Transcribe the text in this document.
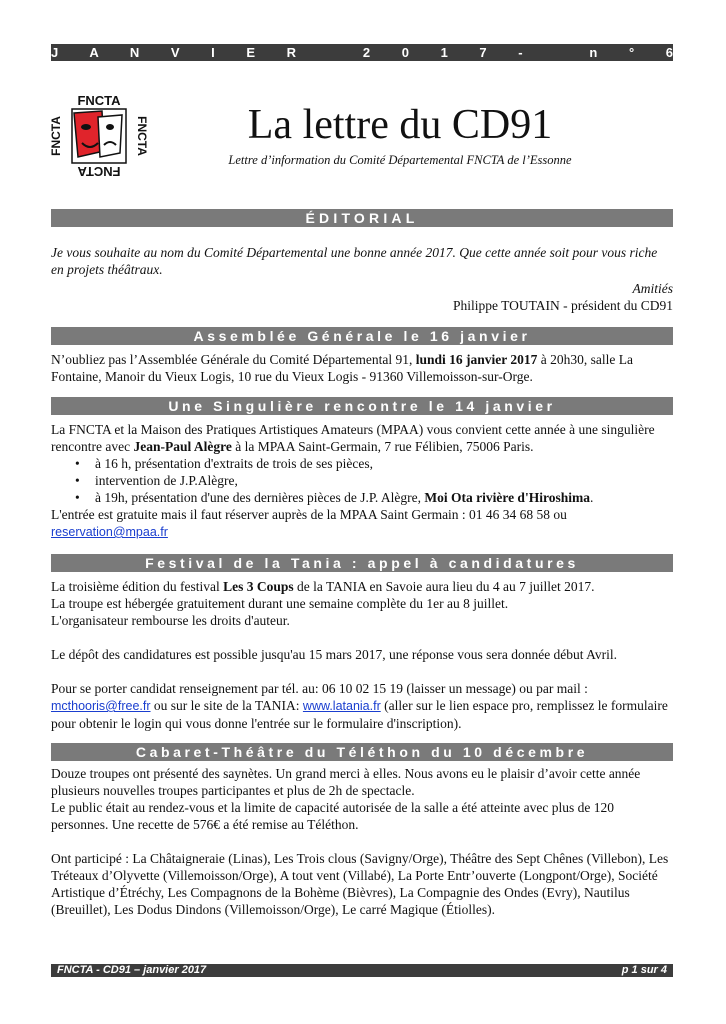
J A N V I E R   2 0 1 7 -   n ° 6 7
FNCTA
FNCTA
FNCTA	FNCTA	La lettre du CD91
Lettre d’information du Comité Départemental FNCTA de l’Essonne
ÉDITORIAL

Je vous souhaite au nom du Comité Départemental une bonne année 2017. Que cette année soit pour vous riche en projets théâtraux.

Amitiés

Philippe TOUTAIN - président du CD91

Assemblée Générale le 16 janvier

N’oubliez pas l’Assemblée Générale du Comité Départemental 91, lundi 16 janvier 2017 à 20h30, salle La Fontaine, Manoir du Vieux Logis, 10 rue du Vieux Logis - 91360 Villemoisson-sur-Orge.

Une Singulière rencontre le 14 janvier

La FNCTA et la Maison des Pratiques Artistiques Amateurs (MPAA) vous convient cette année à une singulière rencontre avec Jean-Paul Alègre à la MPAA Saint-Germain, 7 rue Félibien, 75006 Paris.

• à 16 h, présentation d'extraits de trois de ses pièces,
• intervention de J.P.Alègre,
• à 19h, présentation d'une des dernières pièces de J.P. Alègre, Moi Ota rivière d'Hiroshima.

L'entrée est gratuite mais il faut réserver auprès de la MPAA Saint Germain : 01 46 34 68 58 ou

reservation@mpaa.fr

Festival de la Tania : appel à candidatures

La troisième édition du festival Les 3 Coups de la TANIA en Savoie aura lieu du 4 au 7 juillet 2017.

La troupe est hébergée gratuitement durant une semaine complète du 1er au 8 juillet.

L'organisateur rembourse les droits d'auteur.

Le dépôt des candidatures est possible jusqu'au 15 mars 2017, une réponse vous sera donnée début Avril.

Pour se porter candidat renseignement par tél. au: 06 10 02 15 19 (laisser un message) ou par mail :

mcthooris@free.fr ou sur le site de la TANIA: www.latania.fr (aller sur le lien espace pro, remplissez le formulaire pour obtenir le login qui vous donne l'entrée sur le formulaire d'inscription).

Cabaret-Théâtre du Téléthon du 10 décembre

Douze troupes ont présenté des saynètes. Un grand merci à elles. Nous avons eu le plaisir d’avoir cette année plusieurs nouvelles troupes participantes et plus de 2h de spectacle.

Le public était au rendez-vous et la limite de capacité autorisée de la salle a été atteinte avec plus de 120 personnes. Une recette de 576€ a été remise au Téléthon.

Ont participé : La Châtaigneraie (Linas), Les Trois clous (Savigny/Orge), Théâtre des Sept Chênes (Villebon), Les Tréteaux d’Olyvette (Villemoisson/Orge), A tout vent (Villabé), La Porte Entr’ouverte (Longpont/Orge), Société Artistique d’Étréchy, Les Compagnons de la Bohème (Bièvres), La Compagnie des Ondes (Evry), Nautilus (Breuillet), Les Dodus Dindons (Villemoisson/Orge), Le carré Magique (Étiolles).

FNCTA - CD91 – janvier 2017	p 1 sur 4
